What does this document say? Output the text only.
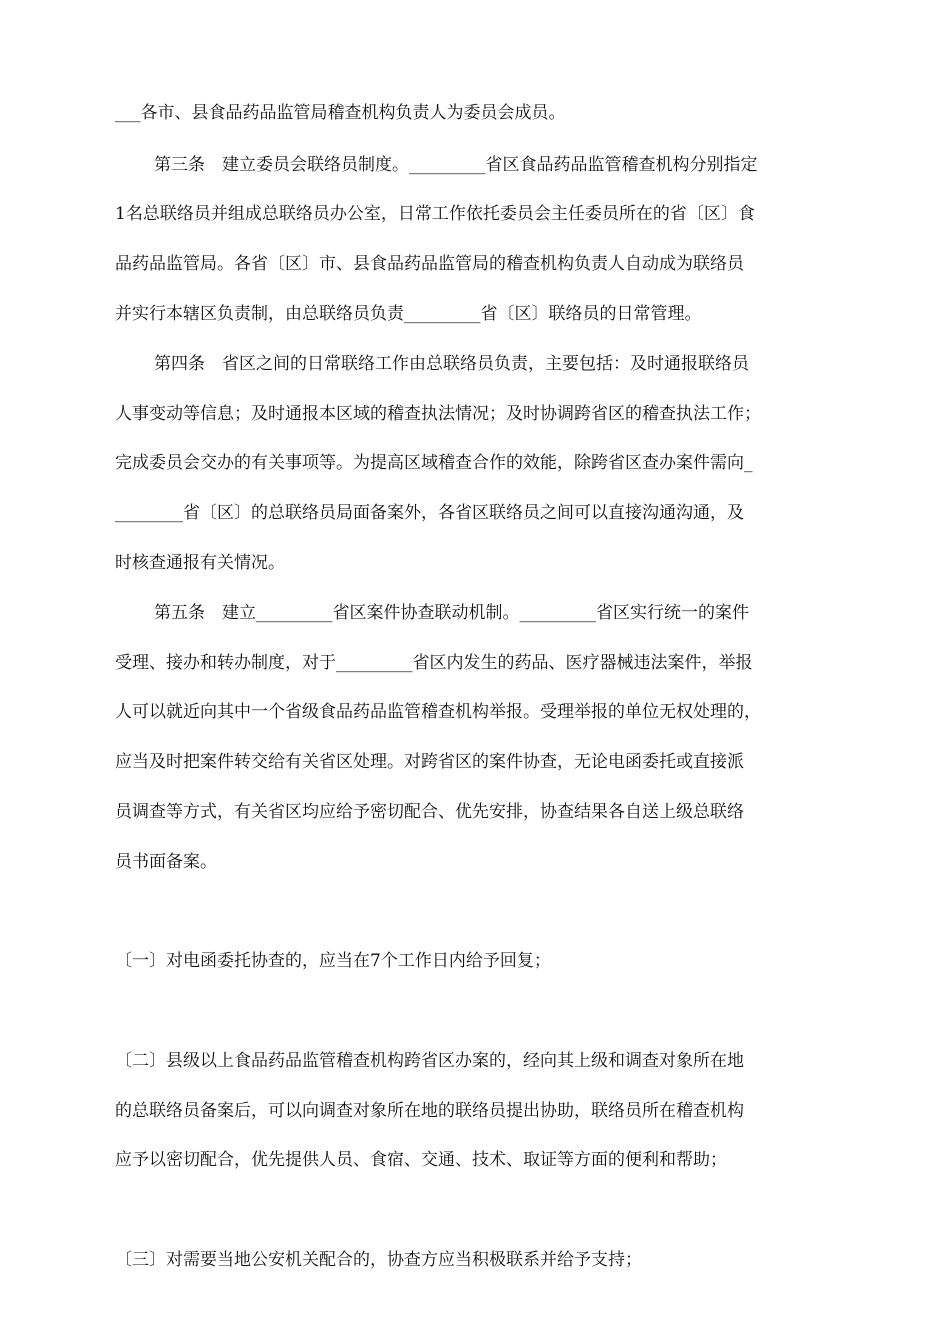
___各市、县食品药品监管局稽查机构负责人为委员会成员。
第三条　建立委员会联络员制度。_________省区食品药品监管稽查机构分别指定
1名总联络员并组成总联络员办公室，日常工作依托委员会主任委员所在的省〔区〕食
品药品监管局。各省〔区〕市、县食品药品监管局的稽查机构负责人自动成为联络员
并实行本辖区负责制，由总联络员负责_________省〔区〕联络员的日常管理。
第四条　省区之间的日常联络工作由总联络员负责，主要包括：及时通报联络员
人事变动等信息；及时通报本区域的稽查执法情况；及时协调跨省区的稽查执法工作；
完成委员会交办的有关事项等。为提高区域稽查合作的效能，除跨省区查办案件需向_
________省〔区〕的总联络员局面备案外，各省区联络员之间可以直接沟通沟通，及
时核查通报有关情况。
第五条　建立_________省区案件协查联动机制。_________省区实行统一的案件
受理、接办和转办制度，对于_________省区内发生的药品、医疗器械违法案件，举报
人可以就近向其中一个省级食品药品监管稽查机构举报。受理举报的单位无权处理的，
应当及时把案件转交给有关省区处理。对跨省区的案件协查，无论电函委托或直接派
员调查等方式，有关省区均应给予密切配合、优先安排，协查结果各自送上级总联络
员书面备案。
〔一〕对电函委托协查的，应当在7个工作日内给予回复；
〔二〕县级以上食品药品监管稽查机构跨省区办案的，经向其上级和调查对象所在地
的总联络员备案后，可以向调查对象所在地的联络员提出协助，联络员所在稽查机构
应予以密切配合，优先提供人员、食宿、交通、技术、取证等方面的便利和帮助；
〔三〕对需要当地公安机关配合的，协查方应当积极联系并给予支持；
